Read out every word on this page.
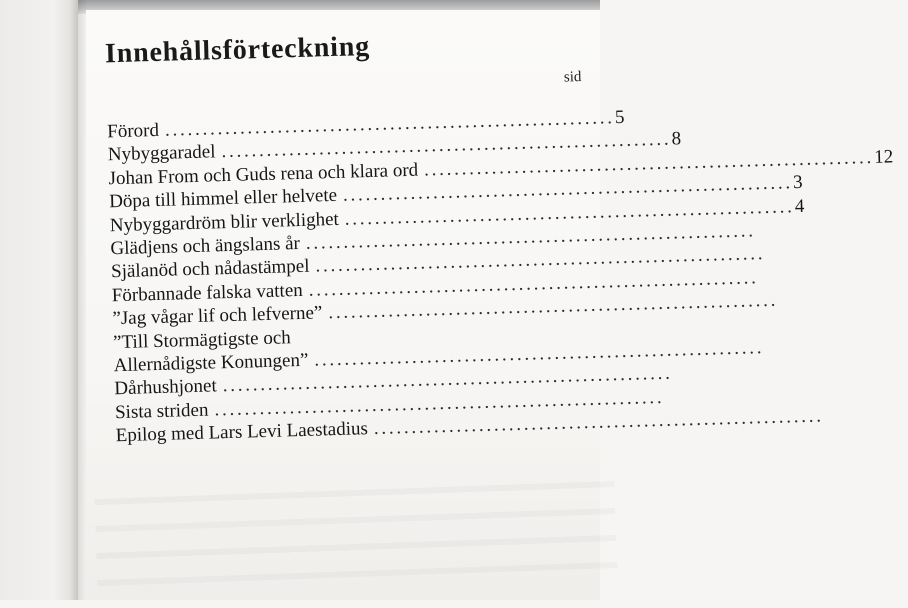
Innehållsförteckning
sid
Förord
. . .
5
Nybyggaradel
. . .
8
Johan From och Guds rena och klara ord
. . .
12
Döpa till himmel eller helvete
. . .
3
Nybyggardröm blir verklighet
. . .
4
Glädjens och ängslans år
. . .
Själanöd och nådastämpel
. . .
Förbannade falska vatten
. . .
”Jag vågar lif och lefverne”
. . .
”Till Stormägtigste och
Allernådigste Konungen”
. . .
Dårhushjonet
. . .
Sista striden
. . .
Epilog med Lars Levi Laestadius
. . .
